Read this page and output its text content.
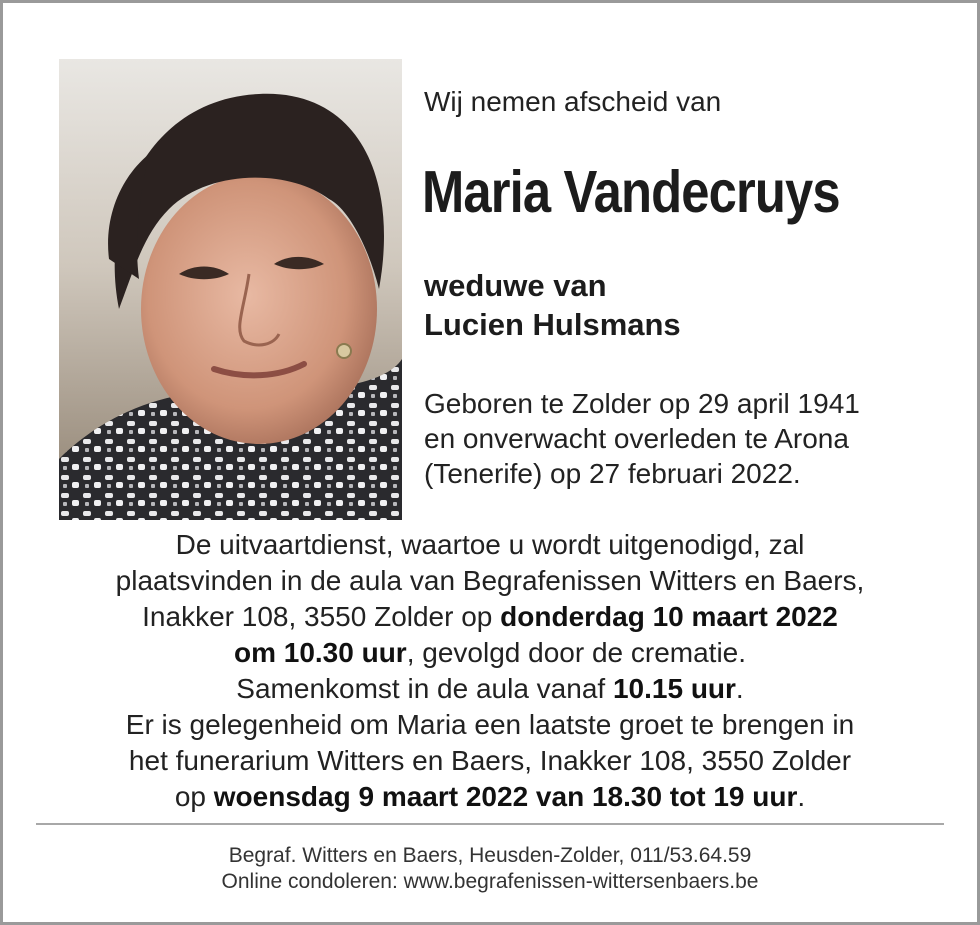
Wij nemen afscheid van
Maria Vandecruys
weduwe van
Lucien Hulsmans
Geboren te Zolder op 29 april 1941
en onverwacht overleden te Arona
(Tenerife) op 27 februari 2022.
De uitvaartdienst, waartoe u wordt uitgenodigd, zal
plaatsvinden in de aula van Begrafenissen Witters en Baers,
Inakker 108, 3550 Zolder op donderdag 10 maart 2022
om 10.30 uur, gevolgd door de crematie.
Samenkomst in de aula vanaf 10.15 uur.
Er is gelegenheid om Maria een laatste groet te brengen in
het funerarium Witters en Baers, Inakker 108, 3550 Zolder
op woensdag 9 maart 2022 van 18.30 tot 19 uur.
Begraf. Witters en Baers, Heusden-Zolder, 011/53.64.59
Online condoleren: www.begrafenissen-wittersenbaers.be
